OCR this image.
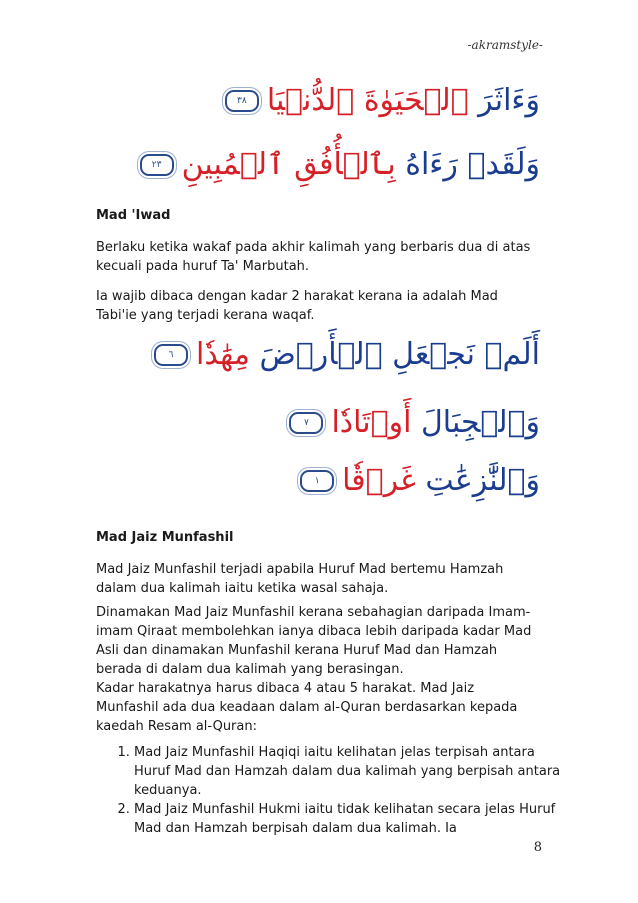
-akramstyle-
وَءَاثَرَ ٱلۡحَيَوٰةَ ٱلدُّنۡيَا
٣٨
وَلَقَدۡ رَءَاهُ بِٱلۡأُفُقِ ٱلۡمُبِينِ
٢٣
Mad 'Iwad
Berlaku ketika wakaf pada akhir kalimah yang berbaris dua di atas kecuali pada huruf Ta' Marbutah.
Ia wajib dibaca dengan kadar 2 harakat kerana ia adalah Mad Tabi'ie yang terjadi kerana waqaf.
أَلَمۡ نَجۡعَلِ ٱلۡأَرۡضَ مِهَٰدٗا
٦
وَٱلۡجِبَالَ أَوۡتَادٗا
٧
وَٱلنَّٰزِعَٰتِ غَرۡقٗا
١
Mad Jaiz Munfashil
Mad Jaiz Munfashil terjadi apabila Huruf Mad bertemu Hamzah dalam dua kalimah iaitu ketika wasal sahaja.
Dinamakan Mad Jaiz Munfashil kerana sebahagian daripada Imam-imam Qiraat membolehkan ianya dibaca lebih daripada kadar Mad Asli dan dinamakan Munfashil kerana Huruf Mad dan Hamzah berada di dalam dua kalimah yang berasingan.
Kadar harakatnya harus dibaca 4 atau 5 harakat. Mad Jaiz Munfashil ada dua keadaan dalam al-Quran berdasarkan kepada kaedah Resam al-Quran:
1. Mad Jaiz Munfashil Haqiqi iaitu kelihatan jelas terpisah antara Huruf Mad dan Hamzah dalam dua kalimah yang berpisah antara keduanya.
2. Mad Jaiz Munfashil Hukmi iaitu tidak kelihatan secara jelas Huruf Mad dan Hamzah berpisah dalam dua kalimah. Ia
8
